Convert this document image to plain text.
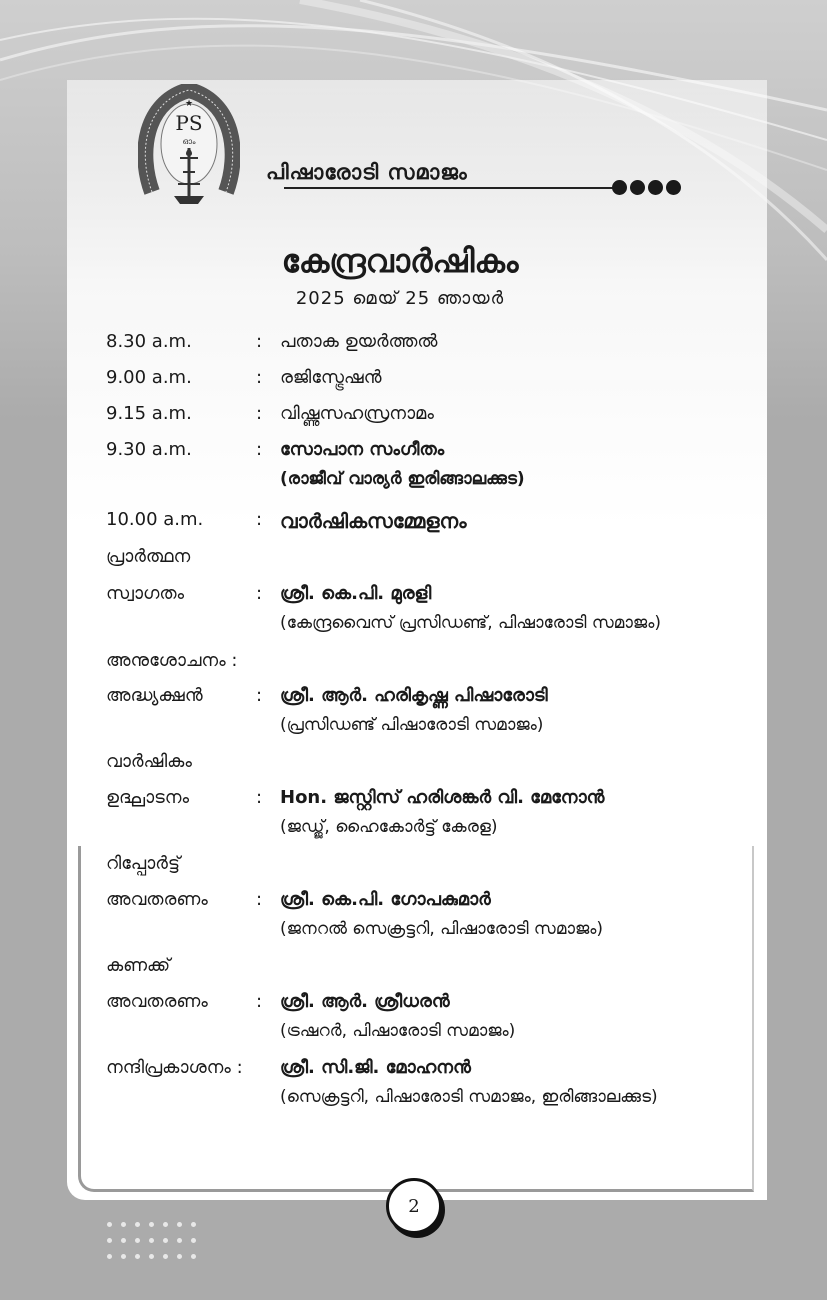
★
PS
ഓം
പിഷാരോടി സമാജം
കേന്ദ്രവാർഷികം
2025 മെയ് 25 ഞായർ
8.30 a.m.	: പതാക ഉയർത്തൽ
9.00 a.m.	: രജിസ്ട്രേഷൻ
9.15 a.m.	: വിഷ്ണുസഹസ്രനാമം
9.30 a.m.	: സോപാന സംഗീതം
(രാജീവ് വാര്യർ ഇരിങ്ങാലക്കുട)
10.00 a.m.	: വാർഷികസമ്മേളനം
പ്രാർത്ഥന
സ്വാഗതം	: ശ്രീ. കെ.പി. മുരളി
(കേന്ദ്രവൈസ് പ്രസിഡണ്ട്, പിഷാരോടി സമാജം)
അനുശോചനം :
അദ്ധ്യക്ഷൻ	: ശ്രീ. ആർ. ഹരികൃഷ്ണ പിഷാരോടി
(പ്രസിഡണ്ട് പിഷാരോടി സമാജം)
വാർഷികം
ഉദ്ഘാടനം	: Hon. ജസ്റ്റിസ് ഹരിശങ്കർ വി. മേനോൻ
(ജഡ്ജ്, ഹൈകോർട്ട് കേരള)
റിപ്പോർട്ട്
അവതരണം	: ശ്രീ. കെ.പി. ഗോപകുമാർ
(ജനറൽ സെക്രട്ടറി, പിഷാരോടി സമാജം)
കണക്ക്
അവതരണം	: ശ്രീ. ആർ. ശ്രീധരൻ
(ട്രഷറർ, പിഷാരോടി സമാജം)
നന്ദിപ്രകാശനം : ശ്രീ. സി.ജി. മോഹനൻ
(സെക്രട്ടറി, പിഷാരോടി സമാജം, ഇരിങ്ങാലക്കുട)
2
